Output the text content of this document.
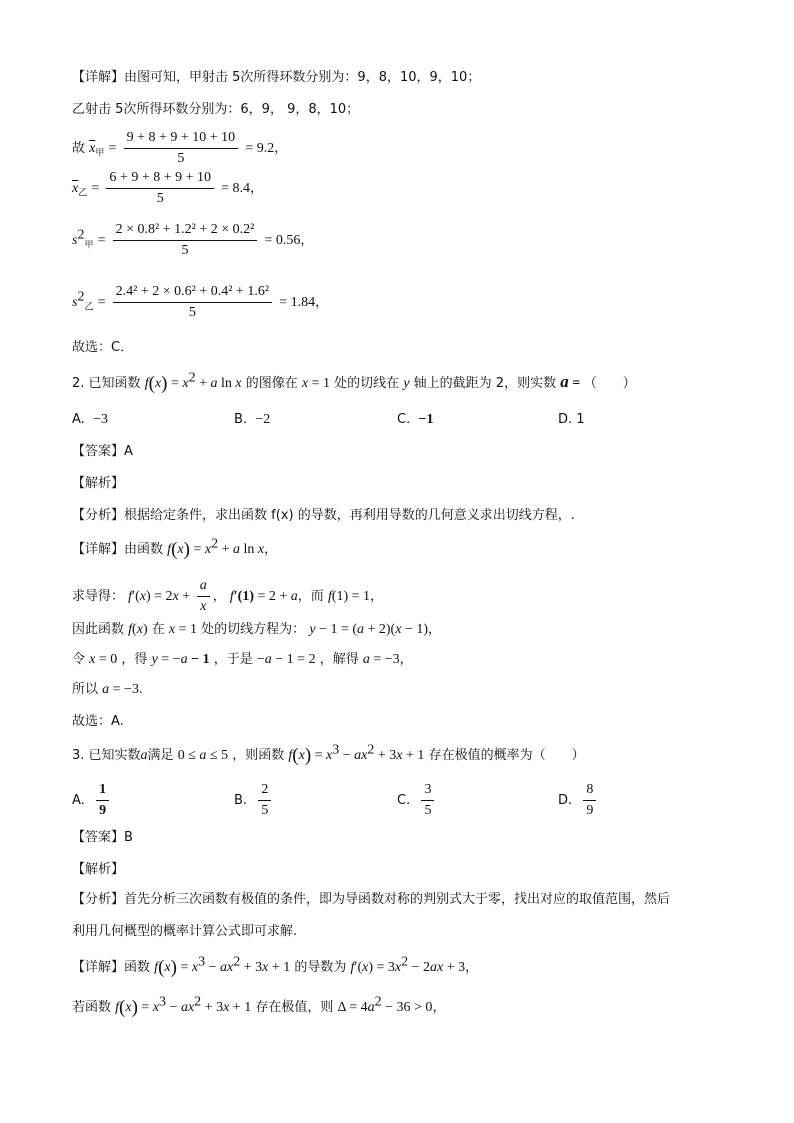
【详解】由图可知，甲射击 5次所得环数分别为：9，8，10，9，10；
乙射击 5次所得环数分别为：6，9， 9，8，10；
故 $\overline{x}_甲 = \frac{9 + 8 + 9 + 10 + 10}{5} = 9.2$，
$\overline{x}_乙 = \frac{6 + 9 + 8 + 9 + 10}{5} = 8.4$，
$s^2_甲 = \frac{\text{2 × 0.8² + 1.2² + 2 × 0.2²}}{5} = 0.56$，
$s^2_乙 = \frac{\text{2.4² + 2 × 0.6² + 0.4² + 1.6²}}{5} = 1.84$，
故选：C．
2. 已知函数 $f(x) = x^2 + a$ ln x 的图像在 x = 1 处的切线在 y 轴上的截距为 2，则实数 a = （　　）
A. −3	B. −2	C. −1	D. 1
【答案】A
【解析】
【分析】根据给定条件，求出函数 f(x) 的导数，再利用导数的几何意义求出切线方程，.
【详解】由函数 $f(x) = x^2 + a$ ln x，
求导得： $f'(x) = 2x + \frac{a}{x}$ ， f′(1) = 2 + a，而 f(1) = 1，
因此函数 f(x) 在 x = 1 处的切线方程为： y − 1 = (a + 2)(x − 1)，
令 x = 0 ，得 y = −a − 1 ，于是 −a − 1 = 2 ，解得 a = −3，
所以 a = −3.
故选：A.
3. 已知实数a满足 0 ≤ a ≤ 5 ，则函数 $f(x) = x^3 - ax^2 + 3x + 1$ 存在极值的概率为（　　）
A. $\frac{1}{9}$	B. $\frac{2}{5}$	C. $\frac{3}{5}$	D. $\frac{8}{9}$
【答案】B
【解析】
【分析】首先分析三次函数有极值的条件，即为导函数对称的判别式大于零，找出对应的取值范围，然后
利用几何概型的概率计算公式即可求解.
【详解】函数 $f(x) = x^3 - ax^2 + 3x + 1$ 的导数为 $f'(x) = 3x^2 - 2ax + 3$，
若函数 $f(x) = x^3 - ax^2 + 3x + 1$ 存在极值，则 $\Delta = 4a^2 - 36 > 0$，
